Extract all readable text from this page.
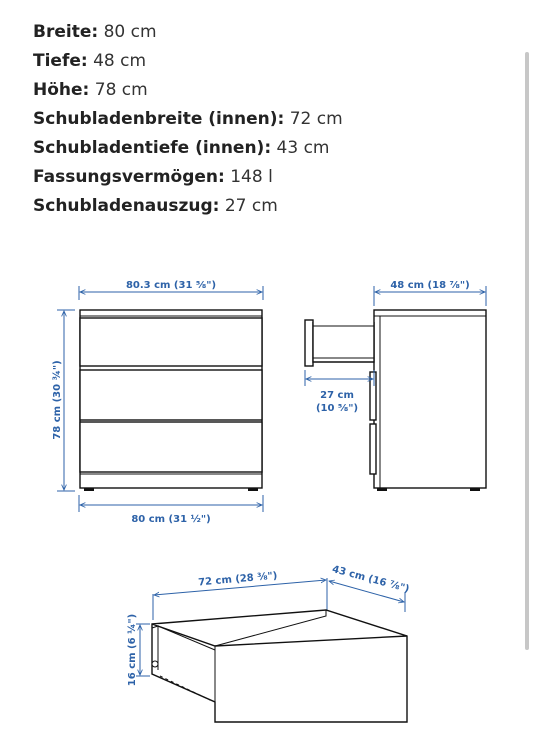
Breite: 80 cm
Tiefe: 48 cm
Höhe: 78 cm
Schubladenbreite (innen): 72 cm
Schubladentiefe (innen): 43 cm
Fassungsvermögen: 148 l
Schubladenauszug: 27 cm
80.3 cm (31 ⅝")
78 cm (30 ¾")
80 cm (31 ½")
48 cm (18 ⅞")
27 cm
(10 ⅝")
72 cm (28 ⅜")	43 cm (16 ⅞")
16 cm (6 ¼")
